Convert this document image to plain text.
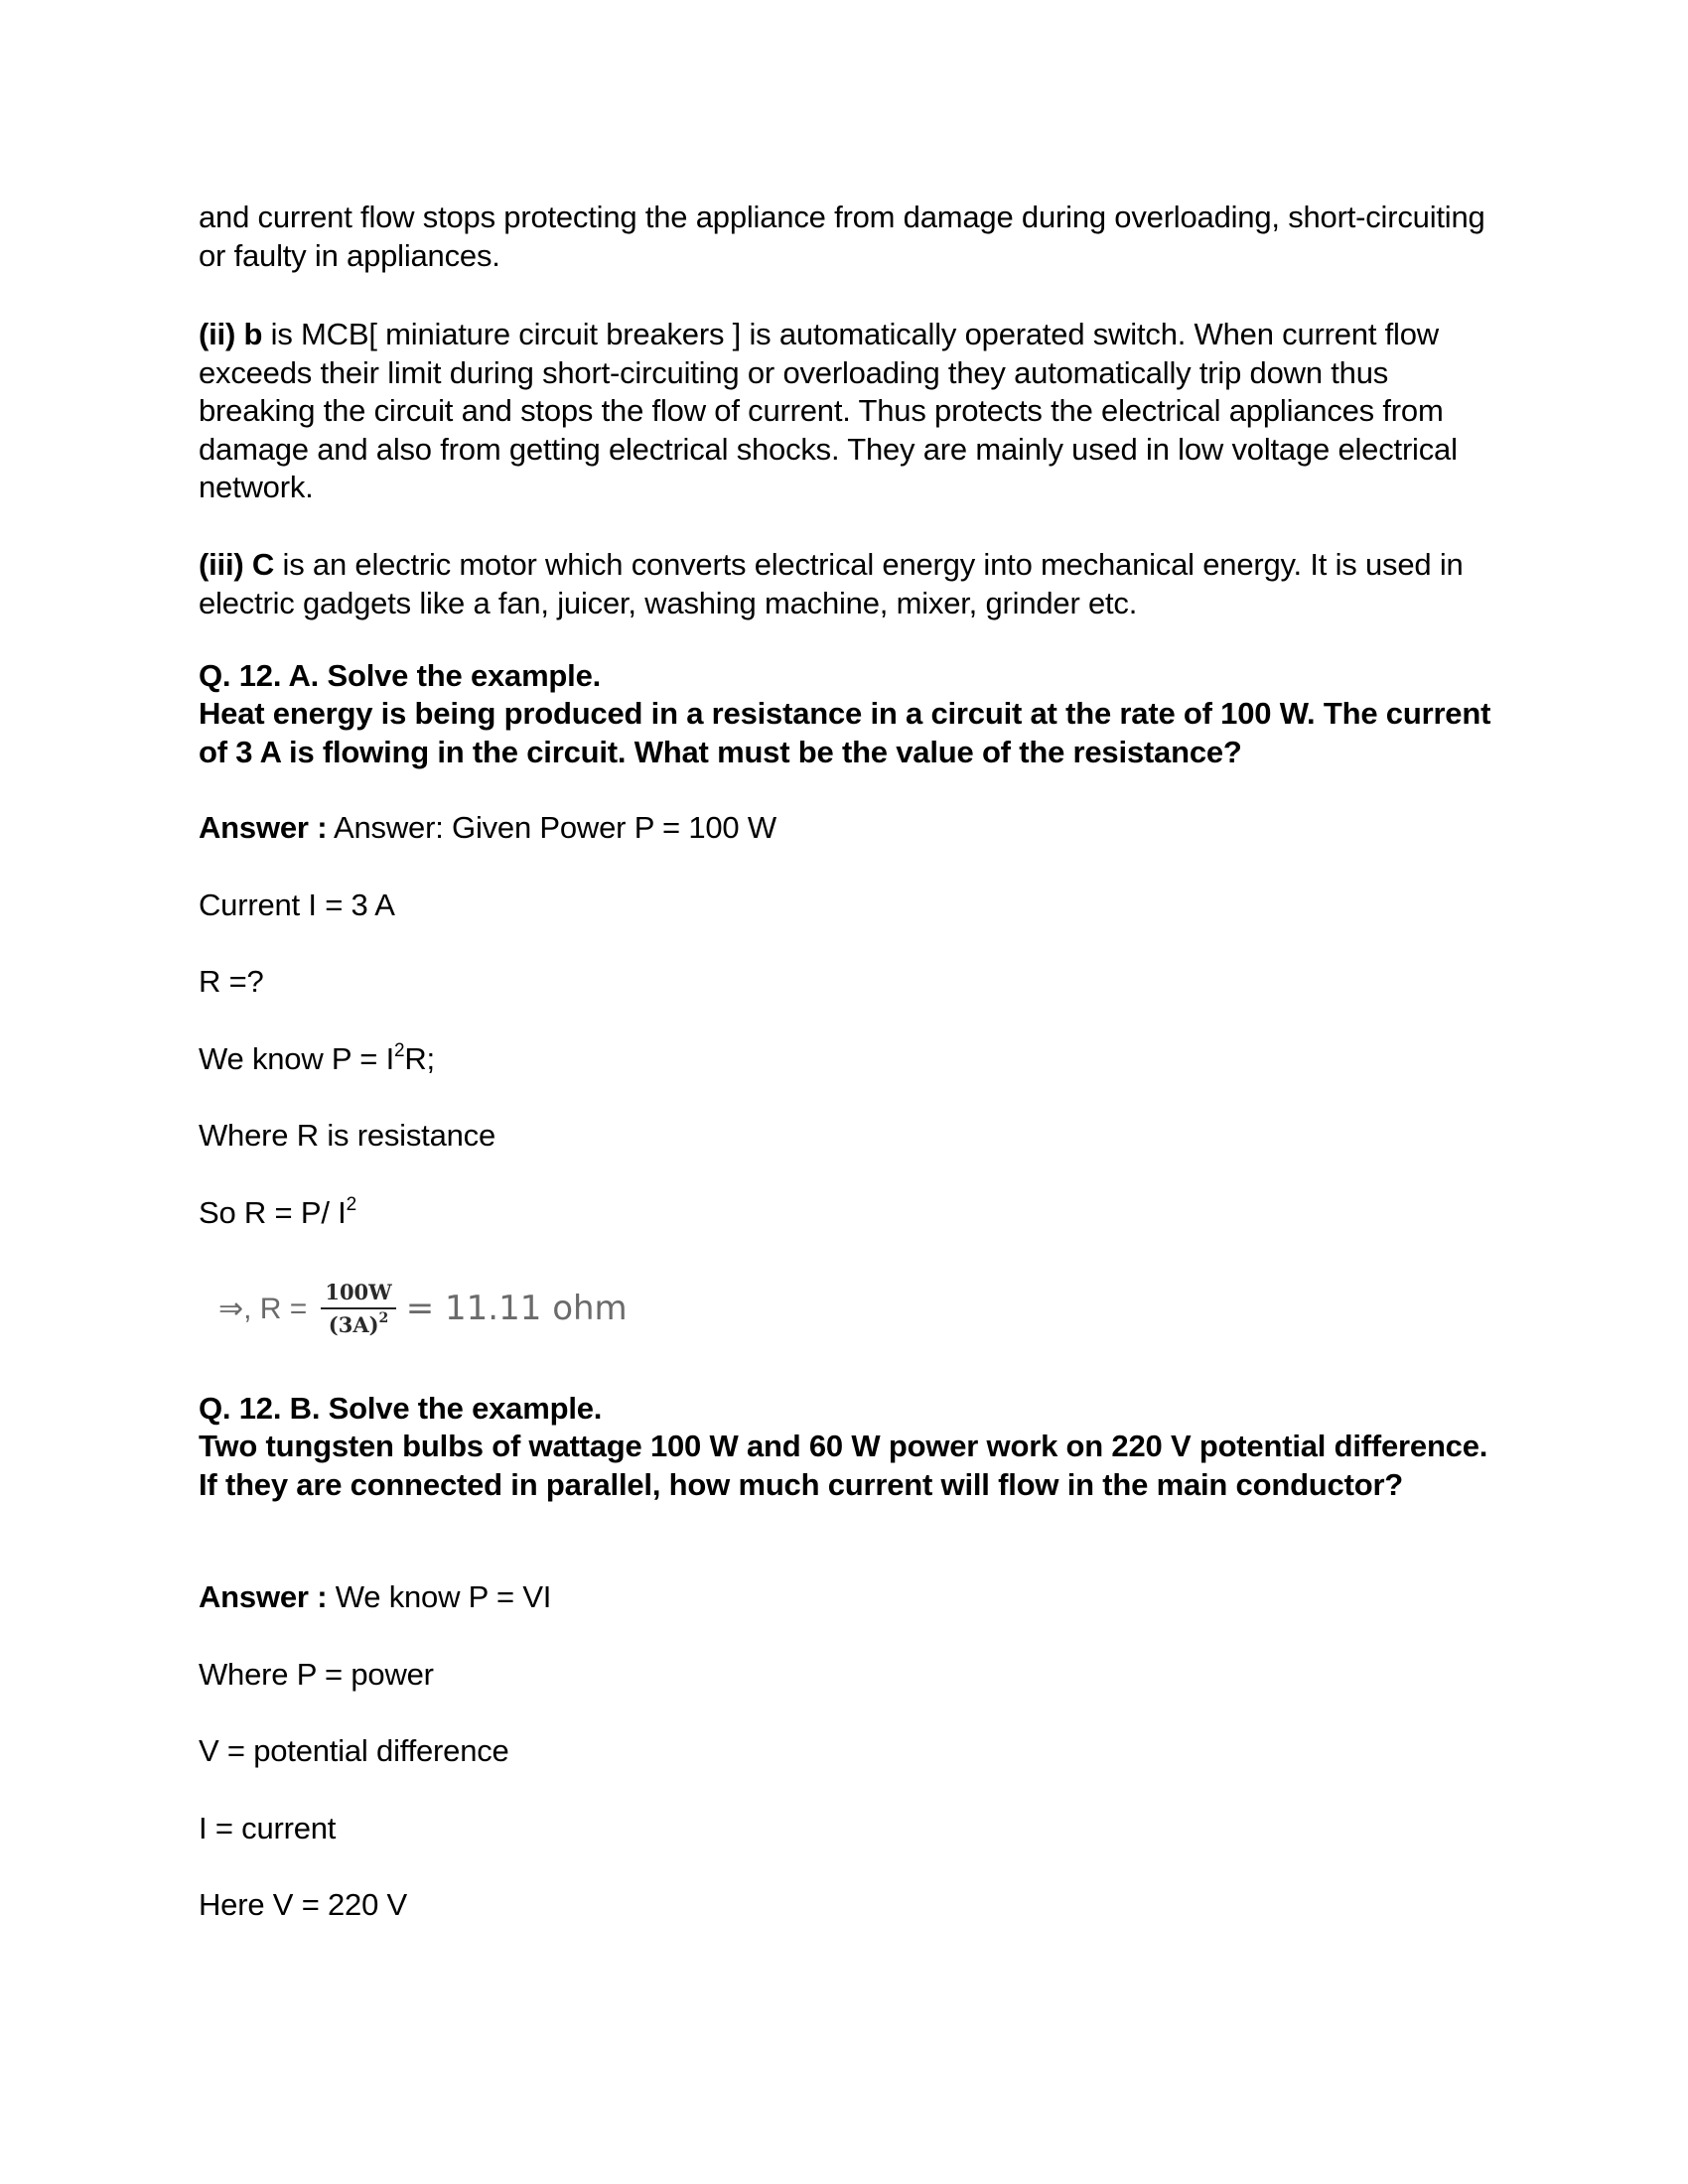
and current flow stops protecting the appliance from damage during overloading, short-circuiting or faulty in appliances.
(ii) b is MCB[ miniature circuit breakers ] is automatically operated switch. When current flow exceeds their limit during short-circuiting or overloading they automatically trip down thus breaking the circuit and stops the flow of current. Thus protects the electrical appliances from damage and also from getting electrical shocks. They are mainly used in low voltage electrical network.
(iii) C is an electric motor which converts electrical energy into mechanical energy. It is used in electric gadgets like a fan, juicer, washing machine, mixer, grinder etc.
Q. 12. A. Solve the example.
Heat energy is being produced in a resistance in a circuit at the rate of 100 W. The current of 3 A is flowing in the circuit. What must be the value of the resistance?
Answer : Answer: Given Power P = 100 W
Current I = 3 A
R =?
We know $P = I^2R$;
Where R is resistance
So R = P/ $I^2$
⇒, $R = \frac{100W}{(3A)^2} = 11.11$ ohm
Q. 12. B. Solve the example.
Two tungsten bulbs of wattage 100 W and 60 W power work on 220 V potential difference. If they are connected in parallel, how much current will flow in the main conductor?
Answer : We know P = VI
Where P = power
V = potential difference
I = current
Here V = 220 V
